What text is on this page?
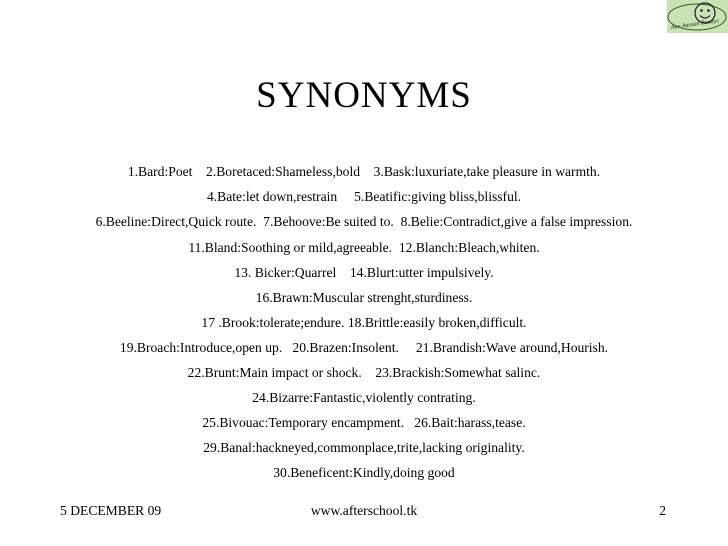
Aao Aasaan Banaye
SYNONYMS
1.Bard:Poet    2.Boretaced:Shameless,bold    3.Bask:luxuriate,take pleasure in warmth.
4.Bate:let down,restrain     5.Beatific:giving bliss,blissful.
6.Beeline:Direct,Quick route.  7.Behoove:Be suited to.  8.Belie:Contradict,give a false impression.
11.Bland:Soothing or mild,agreeable.  12.Blanch:Bleach,whiten.
13. Bicker:Quarrel    14.Blurt:utter impulsively.
16.Brawn:Muscular strenght,sturdiness.
17 .Brook:tolerate;endure. 18.Brittle:easily broken,difficult.
19.Broach:Introduce,open up.   20.Brazen:Insolent.     21.Brandish:Wave around,Hourish.
22.Brunt:Main impact or shock.    23.Brackish:Somewhat salinc.
24.Bizarre:Fantastic,violently contrating.
25.Bivouac:Temporary encampment.   26.Bait:harass,tease.
29.Banal:hackneyed,commonplace,trite,lacking originality.
30.Beneficent:Kindly,doing good
5 DECEMBER 09	www.afterschool.tk	2
